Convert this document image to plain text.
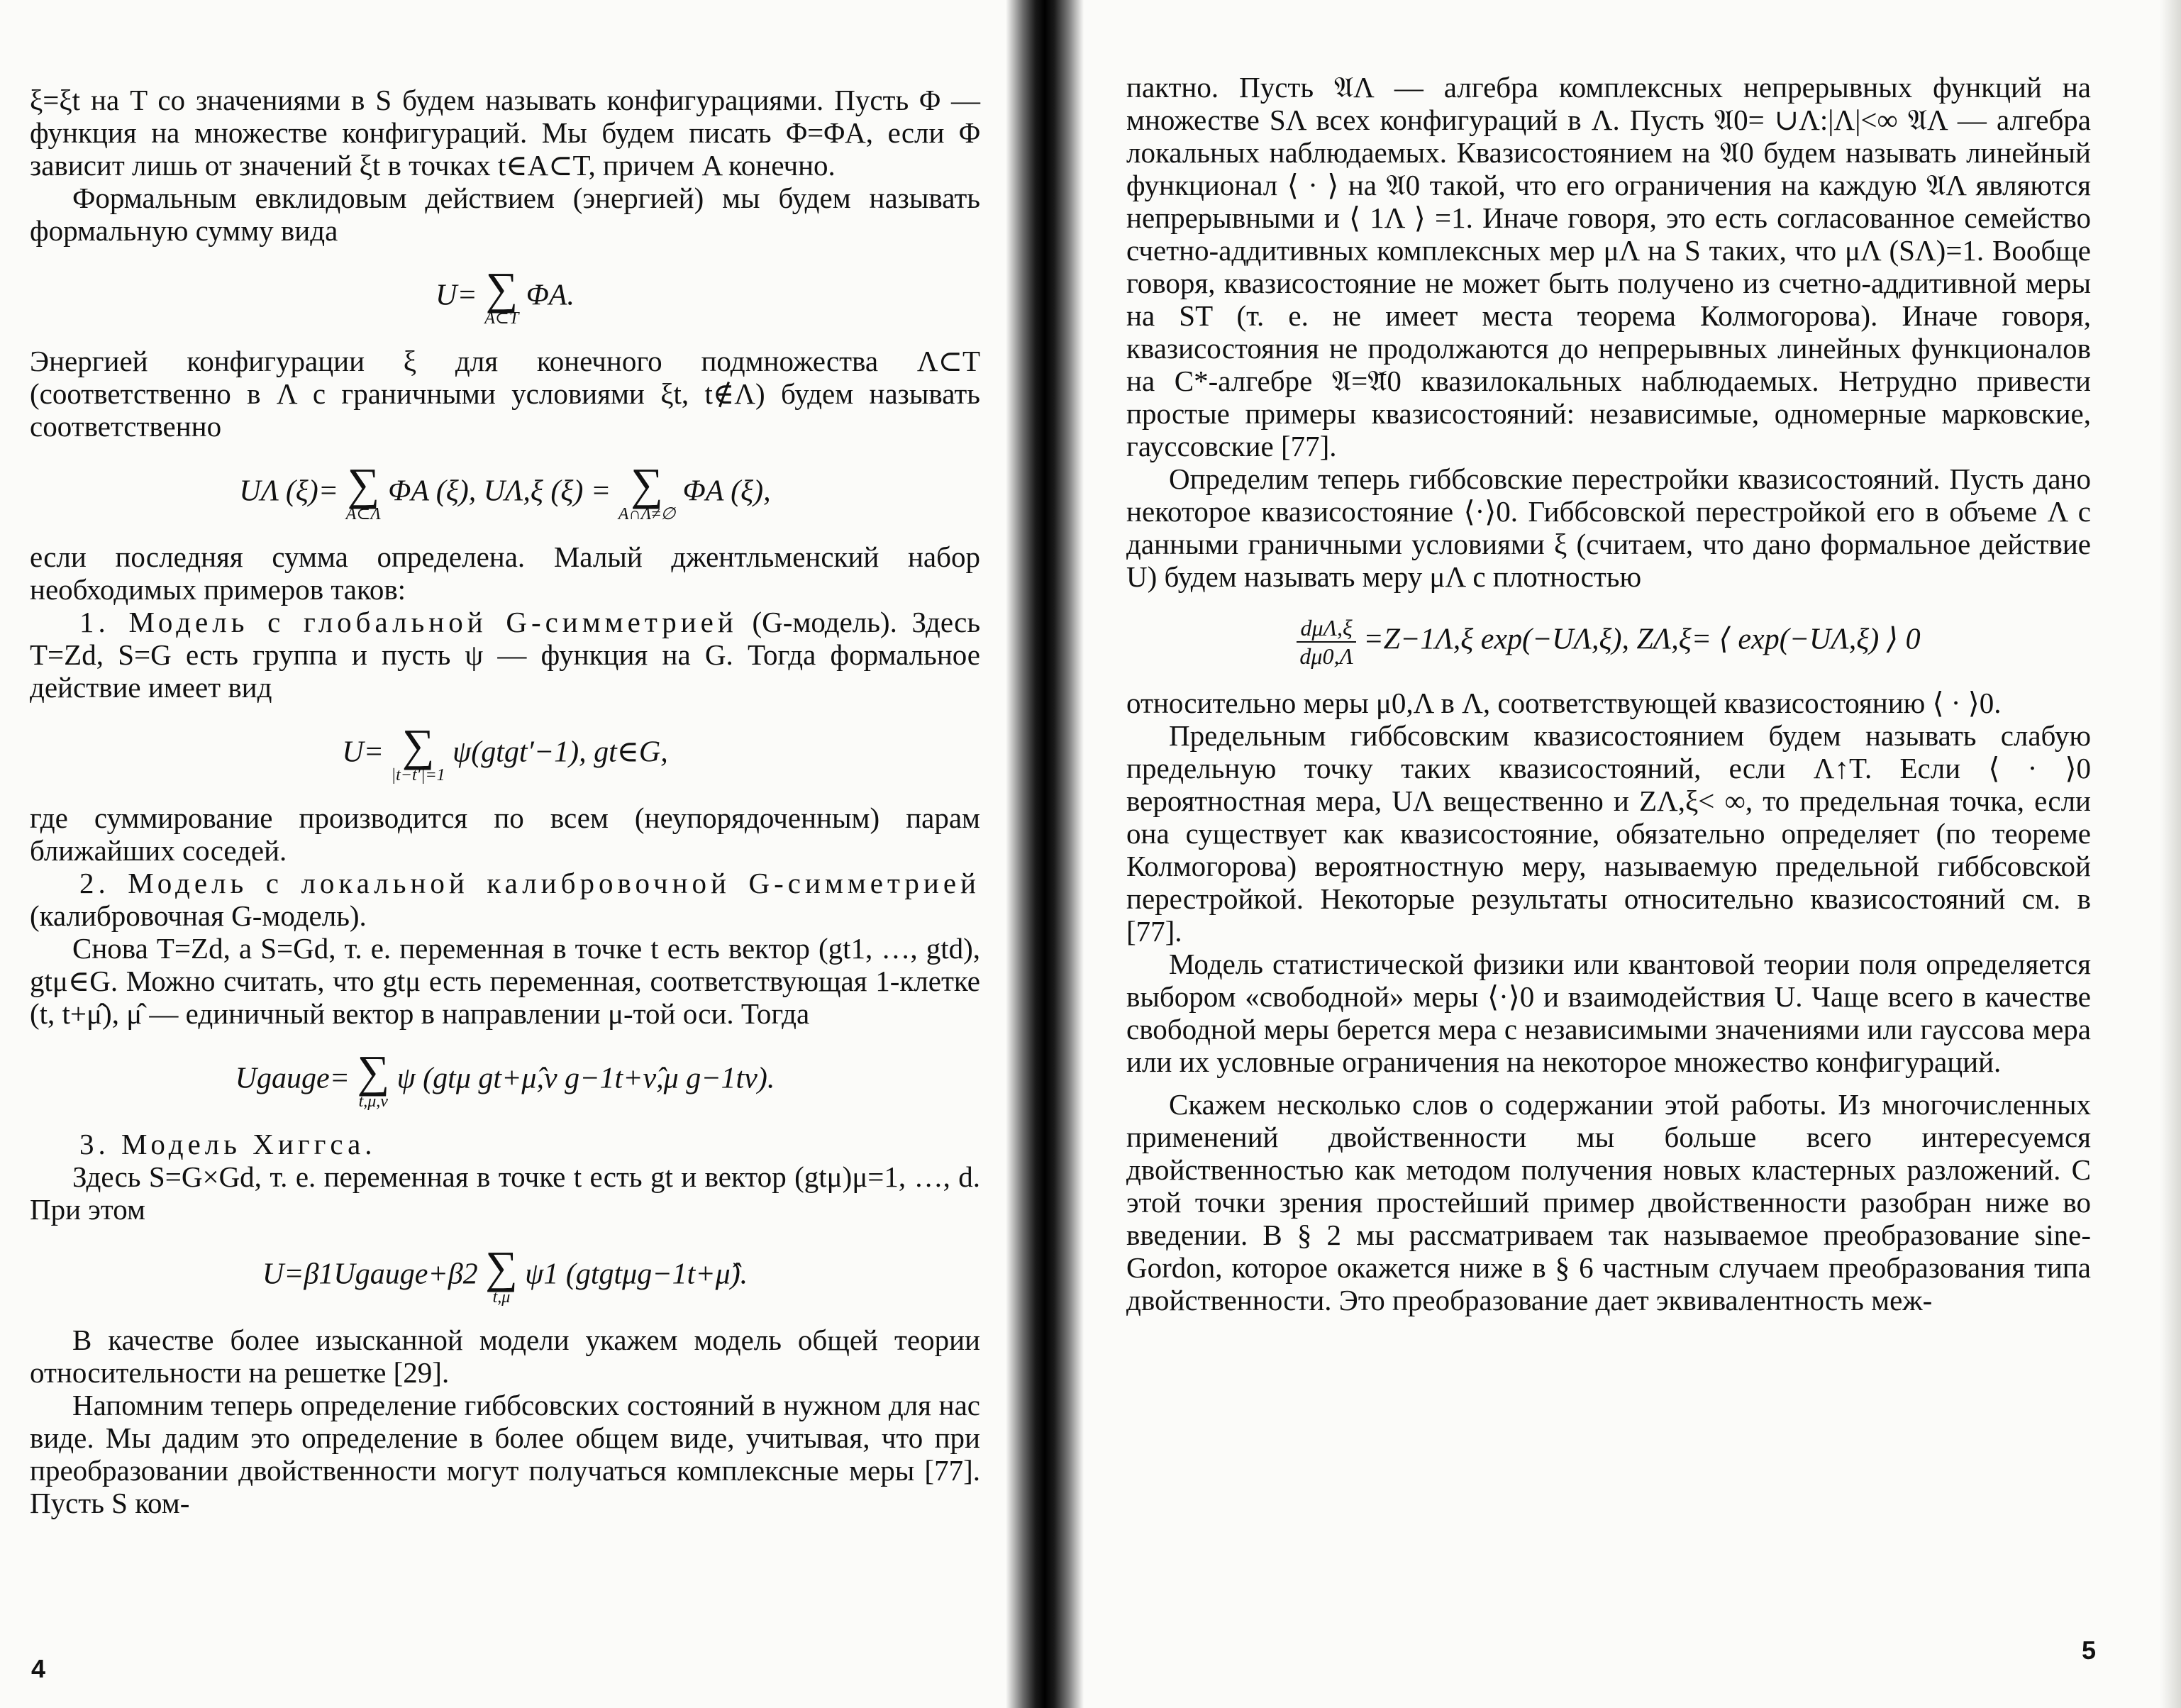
ξ=ξt на T со значениями в S будем называть конфигурациями. Пусть Φ — функция на множестве конфигураций. Мы будем писать Φ=ΦA, если Φ зависит лишь от значений ξt в точках t∈A⊂T, причем A конечно.

Формальным евклидовым действием (энергией) мы будем называть формальную сумму вида

U= ∑
A⊂T
ΦA.

Энергией конфигурации ξ для конечного подмножества Λ⊂T (соответственно в Λ с граничными условиями ξt, t∉Λ) будем называть соответственно

UΛ (ξ)= ∑
A⊂Λ
ΦA (ξ), UΛ,ξ (ξ) = ∑
A∩Λ≠∅
ΦA (ξ),

если последняя сумма определена. Малый джентльменский набор необходимых примеров таков:

1. Модель с глобальной G-симметрией (G-модель). Здесь T=Zd, S=G есть группа и пусть ψ — функция на G. Тогда формальное действие имеет вид

U= ∑
|t−t′|=1
ψ(gtgt′−1), gt∈G,

где суммирование производится по всем (неупорядоченным) парам ближайших соседей.

2. Модель с локальной калибровочной G-симметрией (калибровочная G-модель).

Снова T=Zd, а S=Gd, т. е. переменная в точке t есть вектор (gt1, …, gtd), gtμ∈G. Можно считать, что gtμ есть переменная, соответствующая 1-клетке (t, t+μ̂), μ̂ — единичный вектор в направлении μ-той оси. Тогда

Ugauge= ∑
t,μ,ν
ψ (gtμ gt+μ̂,ν g−1t+ν̂,μ g−1tν).

3. Модель Хиггса.

Здесь S=G×Gd, т. е. переменная в точке t есть gt и вектор (gtμ)μ=1, …, d. При этом

U=β1Ugauge+β2 ∑
t,μ
ψ1 (gtgtμg−1t+μ̂).

В качестве более изысканной модели укажем модель общей теории относительности на решетке [29].

Напомним теперь определение гиббсовских состояний в нужном для нас виде. Мы дадим это определение в более общем виде, учитывая, что при преобразовании двойственности могут получаться комплексные меры [77]. Пусть S ком-

пактно. Пусть 𝔄Λ — алгебра комплексных непрерывных функций на множестве SΛ всех конфигураций в Λ. Пусть 𝔄0= ∪Λ:|Λ|<∞ 𝔄Λ — алгебра локальных наблюдаемых. Квазисостоянием на 𝔄0 будем называть линейный функционал ⟨ · ⟩ на 𝔄0 такой, что его ограничения на каждую 𝔄Λ являются непрерывными и ⟨ 1Λ ⟩ =1. Иначе говоря, это есть согласованное семейство счетно-аддитивных комплексных мер μΛ на S таких, что μΛ (SΛ)=1. Вообще говоря, квазисостояние не может быть получено из счетно-аддитивной меры на ST (т. е. не имеет места теорема Колмогорова). Иначе говоря, квазисостояния не продолжаются до непрерывных линейных функционалов на C*-алгебре 𝔄=𝔄̄0 квазилокальных наблюдаемых. Нетрудно привести простые примеры квазисостояний: независимые, одномерные марковские, гауссовские [77].

Определим теперь гиббсовские перестройки квазисостояний. Пусть дано некоторое квазисостояние ⟨·⟩0. Гиббсовской перестройкой его в объеме Λ с данными граничными условиями ξ (считаем, что дано формальное действие U) будем называть меру μΛ с плотностью

$\frac{\text{dμΛ,ξ}}{d\mu 0,\Lambda} =Z-1\Lambda,\xi$ exp(−UΛ,ξ), ZΛ,ξ= ⟨ exp(−UΛ,ξ) ⟩ 0

относительно меры μ0,Λ в Λ, соответствующей квазисостоянию ⟨ · ⟩0.

Предельным гиббсовским квазисостоянием будем называть слабую предельную точку таких квазисостояний, если Λ↑T. Если ⟨ · ⟩0 вероятностная мера, UΛ вещественно и ZΛ,ξ< ∞, то предельная точка, если она существует как квазисостояние, обязательно определяет (по теореме Колмогорова) вероятностную меру, называемую предельной гиббсовской перестройкой. Некоторые результаты относительно квазисостояний см. в [77].

Модель статистической физики или квантовой теории поля определяется выбором «свободной» меры ⟨·⟩0 и взаимодействия U. Чаще всего в качестве свободной меры берется мера с независимыми значениями или гауссова мера или их условные ограничения на некоторое множество конфигураций.

Скажем несколько слов о содержании этой работы. Из многочисленных применений двойственности мы больше всего интересуемся двойственностью как методом получения новых кластерных разложений. С этой точки зрения простейший пример двойственности разобран ниже во введении. В § 2 мы рассматриваем так называемое преобразование sine-Gordon, которое окажется ниже в § 6 частным случаем преобразования типа двойственности. Это преобразование дает эквивалентность меж-

4
5
